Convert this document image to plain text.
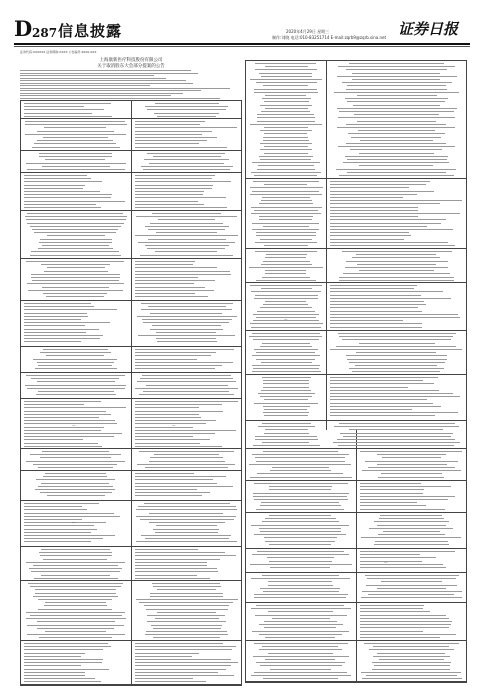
D 287 信息披露	2020年4月29日 星期三
制作:刘晓 电话:010-83251714 E-mail:zqrb9@zqrb.sina.net 证券日报
证券代码:XXXXXX 证券简称:XXXX 公告编号:2020-XXX
上海康新医疗科技股份有限公司
关于取消股东大会部分提案的公告
—
—	—
—
—
